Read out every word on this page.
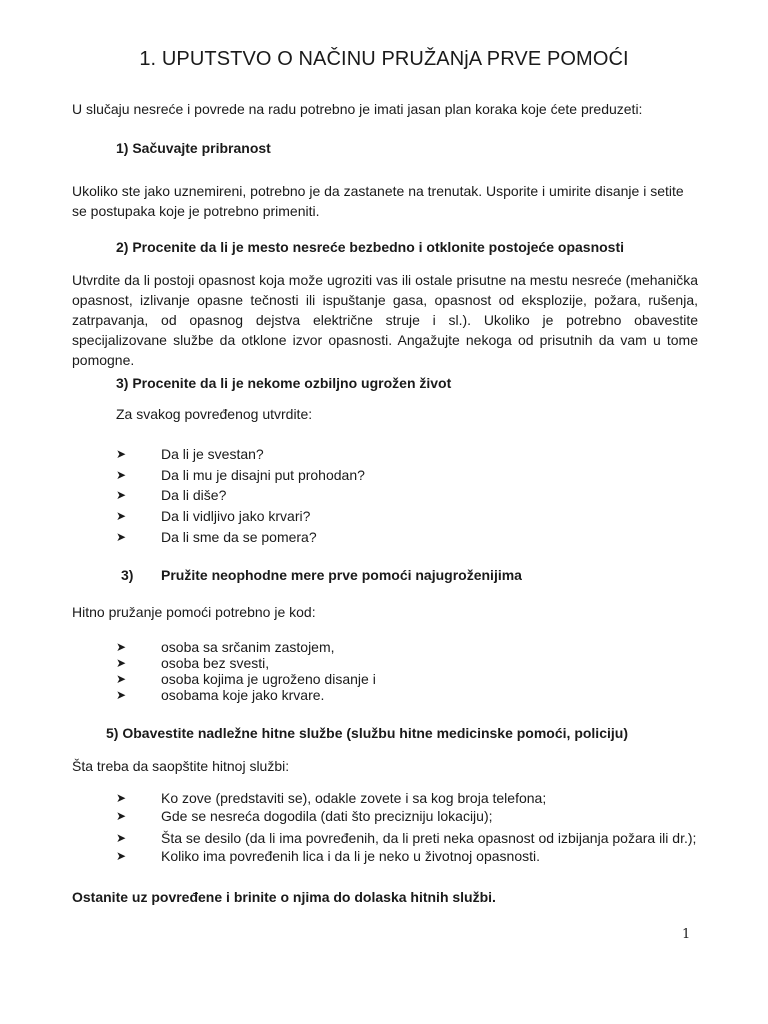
1. UPUTSTVO O NAČINU PRUŽANjA PRVE POMOĆI

U slučaju nesreće i povrede na radu potrebno je imati jasan plan koraka koje ćete preduzeti:

1) Sačuvajte pribranost

Ukoliko ste jako uznemireni, potrebno je da zastanete na trenutak. Usporite i umirite disanje i setite se postupaka koje je potrebno primeniti.

2) Procenite da li je mesto nesreće bezbedno i otklonite postojeće opasnosti

Utvrdite da li postoji opasnost koja može ugroziti vas ili ostale prisutne na mestu nesreće (mehanička opasnost, izlivanje opasne tečnosti ili ispuštanje gasa, opasnost od eksplozije, požara, rušenja, zatrpavanja, od opasnog dejstva električne struje i sl.). Ukoliko je potrebno obavestite specijalizovane službe da otklone izvor opasnosti. Angažujte nekoga od prisutnih da vam u tome pomogne.

3) Procenite da li je nekome ozbiljno ugrožen život

Za svakog povređenog utvrdite:

➤ Da li je svestan?
➤ Da li mu je disajni put prohodan?
➤ Da li diše?
➤ Da li vidljivo jako krvari?
➤ Da li sme da se pomera?
3) Pružite neophodne mere prve pomoći najugroženijima

Hitno pružanje pomoći potrebno je kod:

➤ osoba sa srčanim zastojem,
➤ osoba bez svesti,
➤ osoba kojima je ugroženo disanje i
➤ osobama koje jako krvare.

5) Obavestite nadležne hitne službe (službu hitne medicinske pomoći, policiju)

Šta treba da saopštite hitnoj službi:

➤ Ko zove (predstaviti se), odakle zovete i sa kog broja telefona;
➤ Gde se nesreća dogodila (dati što precizniju lokaciju);
➤ Šta se desilo (da li ima povređenih, da li preti neka opasnost od izbijanja požara ili dr.);
➤ Koliko ima povređenih lica i da li je neko u životnoj opasnosti.
Ostanite uz povređene i brinite o njima do dolaska hitnih službi.
1
